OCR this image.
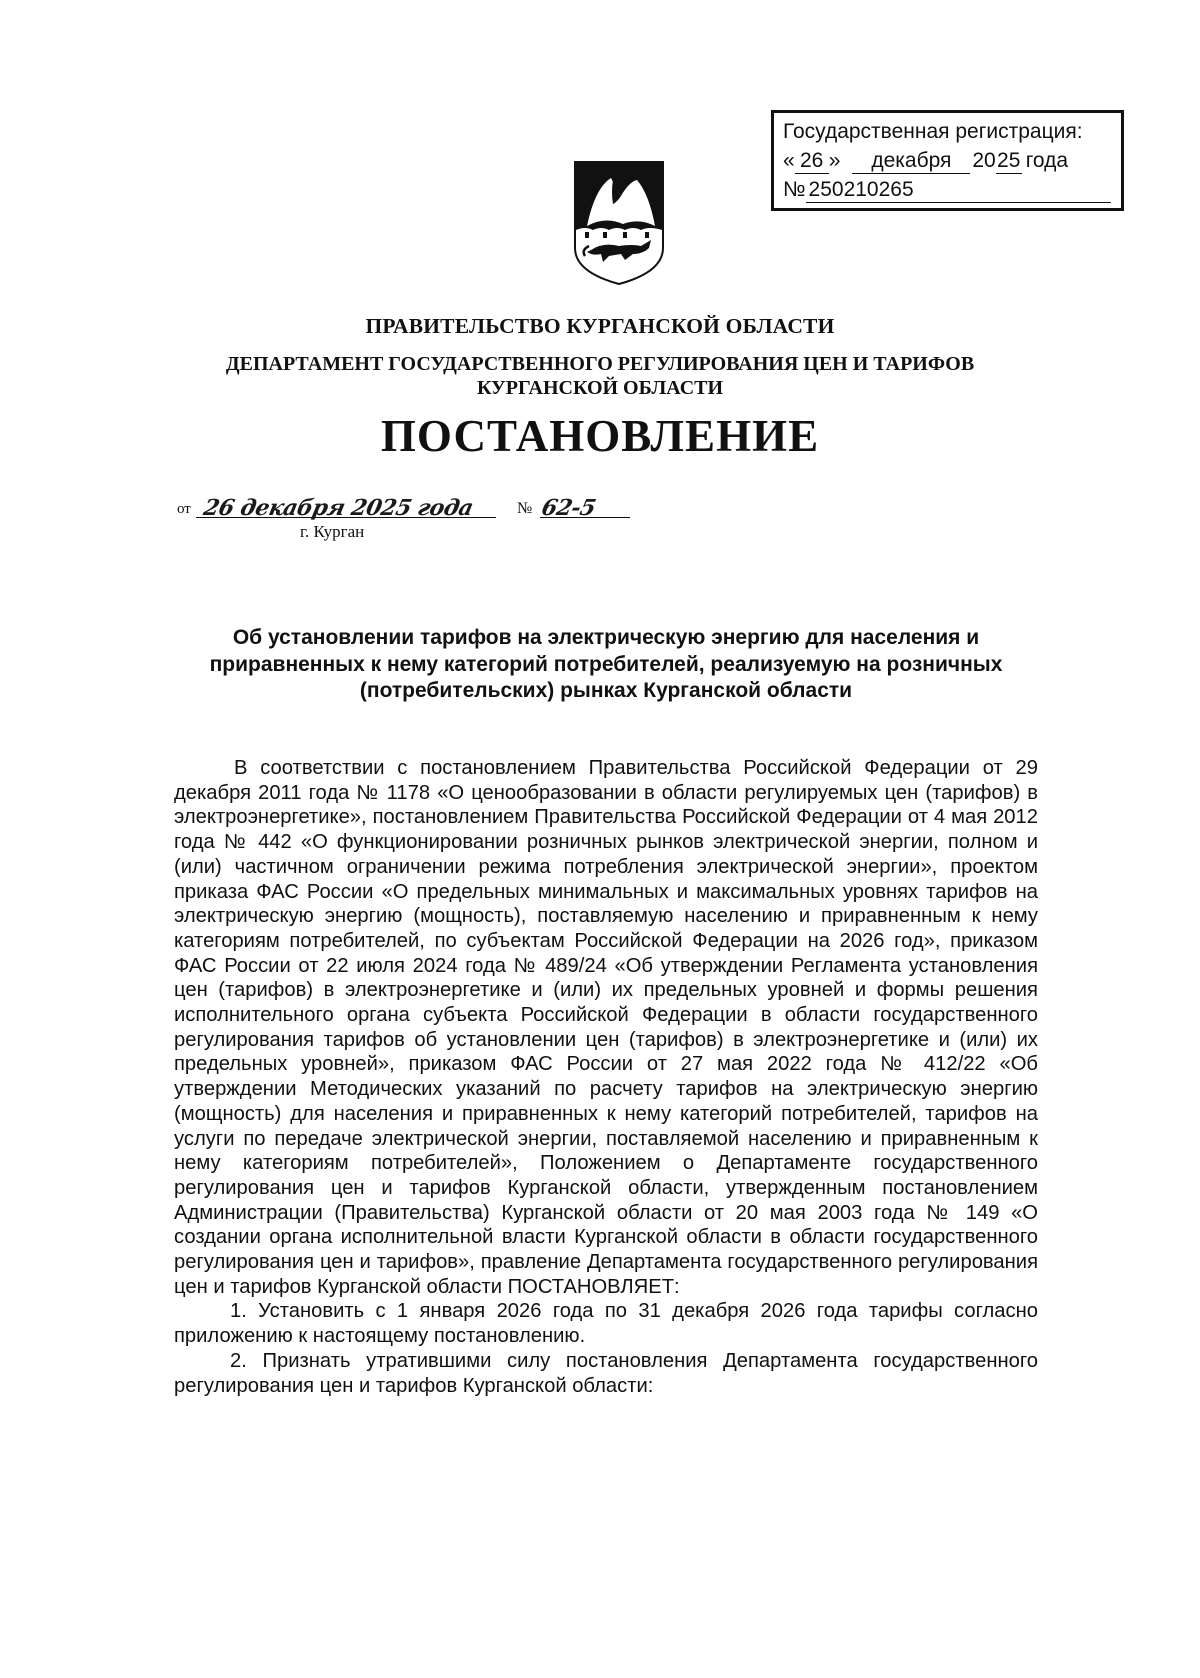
Государственная регистрация:
« 26 »	декабря 20 25 года
№ 250210265
ПРАВИТЕЛЬСТВО КУРГАНСКОЙ ОБЛАСТИ
ДЕПАРТАМЕНТ ГОСУДАРСТВЕННОГО РЕГУЛИРОВАНИЯ ЦЕН И ТАРИФОВ
КУРГАНСКОЙ ОБЛАСТИ
ПОСТАНОВЛЕНИЕ
от 26 декабря 2025 года	№ 62-5
г. Курган
Об установлении тарифов на электрическую энергию для населения и
приравненных к нему категорий потребителей, реализуемую на розничных
(потребительских) рынках Курганской области

В соответствии с постановлением Правительства Российской Федерации от 29 декабря 2011 года № 1178 «О ценообразовании в области регулируемых цен (тарифов) в электроэнергетике», постановлением Правительства Российской Федерации от 4 мая 2012 года № 442 «О функционировании розничных рынков электрической энергии, полном и (или) частичном ограничении режима потребления электрической энергии», проектом приказа ФАС России «О предельных минимальных и максимальных уровнях тарифов на электрическую энергию (мощность), поставляемую населению и приравненным к нему категориям потребителей, по субъектам Российской Федерации на 2026 год», приказом ФАС России от 22 июля 2024 года № 489/24 «Об утверждении Регламента установления цен (тарифов) в электроэнергетике и (или) их предельных уровней и формы решения исполнительного органа субъекта Российской Федерации в области государственного регулирования тарифов об установлении цен (тарифов) в электроэнергетике и (или) их предельных уровней», приказом ФАС России от 27 мая 2022 года № 412/22 «Об утверждении Методических указаний по расчету тарифов на электрическую энергию (мощность) для населения и приравненных к нему категорий потребителей, тарифов на услуги по передаче электрической энергии, поставляемой населению и приравненным к нему категориям потребителей», Положением о Департаменте государственного регулирования цен и тарифов Курганской области, утвержденным постановлением Администрации (Правительства) Курганской области от 20 мая 2003 года № 149 «О создании органа исполнительной власти Курганской области в области государственного регулирования цен и тарифов», правление Департамента государственного регулирования цен и тарифов Курганской области ПОСТАНОВЛЯЕТ:

1. Установить с 1 января 2026 года по 31 декабря 2026 года тарифы согласно приложению к настоящему постановлению.

2. Признать утратившими силу постановления Департамента государственного регулирования цен и тарифов Курганской области:
